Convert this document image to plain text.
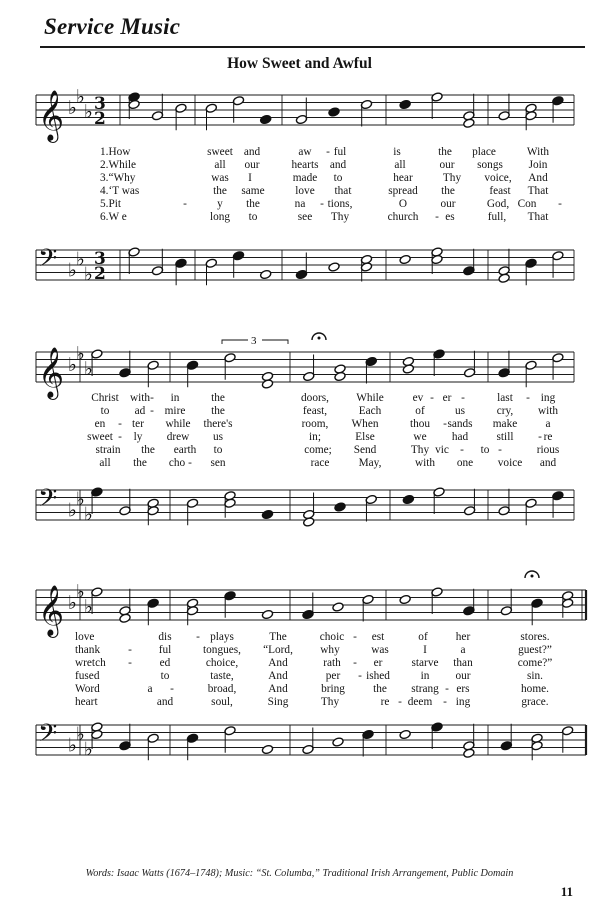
Service Music
How Sweet and Awful
𝄞 ♭
♭
♭ 3
2
1.How	sweet and	aw - ful	is	the place	With
2.While	all our	hearts and	all	our songs Join
3.“Why	was I	made to	hear	Thy voice, And
4.‘T was	the same	love that	spread the	feast That
5.Pit	-	y the	na - tions,	O	our	God, Con -
6.W e	long to	see Thy	church - es	full, That
𝄢 ♭
♭
♭
3
2
𝄞 ♭
♭
♭
3
Christ with - in	the	doors, While	ev - er -	last - ing
to ad - mire the	feast,	Each	of	us	cry, with
en - ter while there's	room, When	thou - sands make	a
sweet - ly drew us	in;	Else	we had	still	re
-
strain the earth to	come; Send	Thy vic - to -	rious
all the cho - sen	race	May,	with one voice and
𝄢 ♭
♭
♭
𝄞 ♭
♭
♭
love	dis - plays	The	choic - est	of her	stores.
thank - ful	tongues, “Lord, why	was	I	a	guest?”
wretch - ed	choice,	And	rath - er	starve than	come?”
fused	to	taste,	And	per - ished	in our	sin.
Word	a -	broad,	And	bring the strang - ers	home.
heart	and	soul,	Sing	Thy	re - deem - ing	grace.
𝄢 ♭
♭
♭
Words: Isaac Watts (1674–1748); Music: “St. Columba,” Traditional Irish Arrangement, Public Domain
11
